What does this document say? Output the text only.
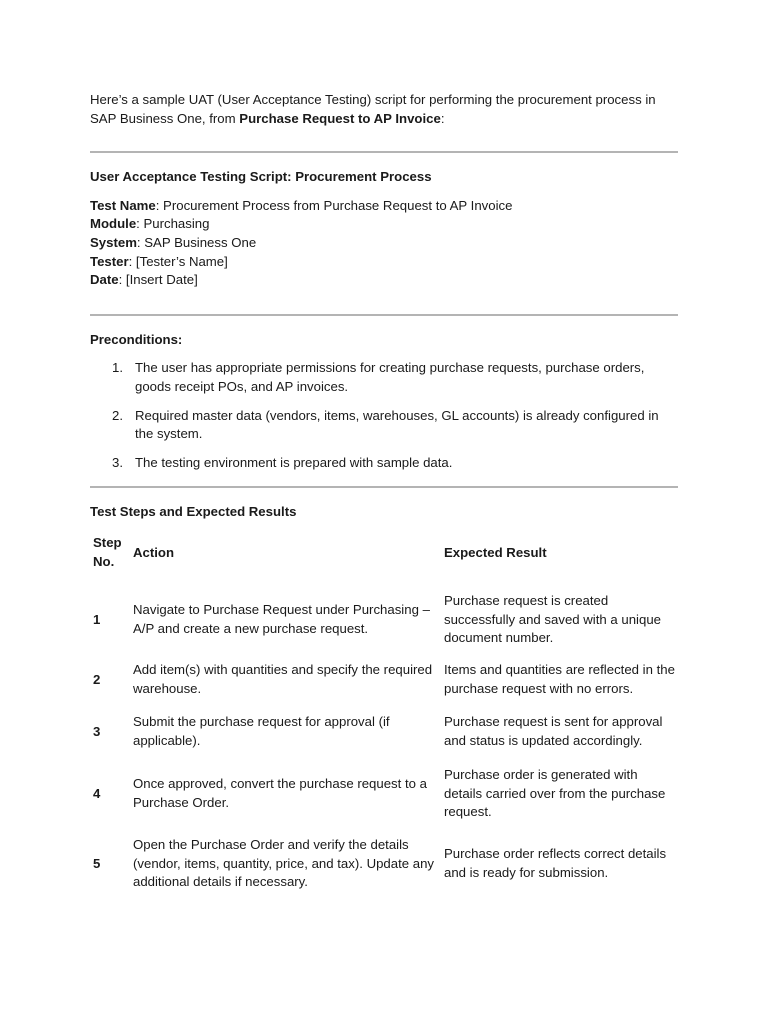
Here’s a sample UAT (User Acceptance Testing) script for performing the procurement process in SAP Business One, from Purchase Request to AP Invoice:

User Acceptance Testing Script: Procurement Process

Test Name: Procurement Process from Purchase Request to AP Invoice

Module: Purchasing

System: SAP Business One

Tester: [Tester’s Name]

Date: [Insert Date]

Preconditions:

1. The user has appropriate permissions for creating purchase requests, purchase orders, goods receipt POs, and AP invoices.
2. Required master data (vendors, items, warehouses, GL accounts) is already configured in the system.
3. The testing environment is prepared with sample data.

Test Steps and Expected Results

Step
No.	Action	Expected Result
1	Navigate to Purchase Request under Purchasing – A/P and create a new purchase request.	Purchase request is created successfully and saved with a unique document number.
2	Add item(s) with quantities and specify the required warehouse.	Items and quantities are reflected in the purchase request with no errors.
3	Submit the purchase request for approval (if applicable).	Purchase request is sent for approval and status is updated accordingly.
4	Once approved, convert the purchase request to a Purchase Order.	Purchase order is generated with details carried over from the purchase request.
5	Open the Purchase Order and verify the details (vendor, items, quantity, price, and tax). Update any additional details if necessary.	Purchase order reflects correct details and is ready for submission.
